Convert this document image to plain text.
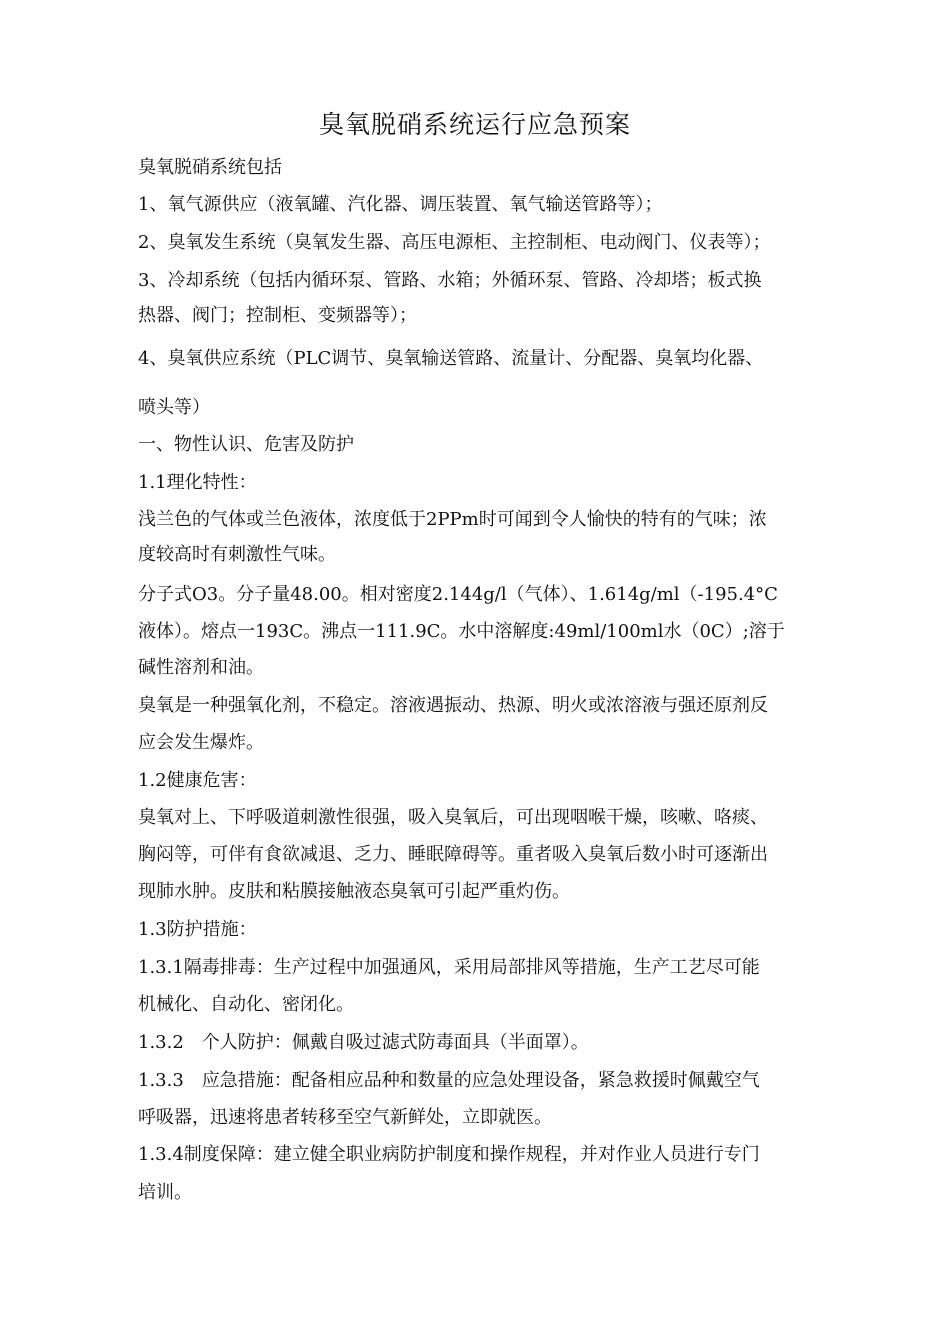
臭氧脱硝系统运行应急预案
臭氧脱硝系统包括
1、氧气源供应（液氧罐、汽化器、调压装置、氧气输送管路等）；
2、臭氧发生系统（臭氧发生器、高压电源柜、主控制柜、电动阀门、仪表等）；
3、冷却系统（包括内循环泵、管路、水箱；外循环泵、管路、冷却塔；板式换
热器、阀门；控制柜、变频器等）；
4、臭氧供应系统（PLC调节、臭氧输送管路、流量计、分配器、臭氧均化器、
喷头等）
一、物性认识、危害及防护
1.1理化特性：
浅兰色的气体或兰色液体，浓度低于2PPm时可闻到令人愉快的特有的气味；浓
度较高时有刺激性气味。
分子式O3。分子量48.00。相对密度2.144g/l（气体）、1.614g/ml（-195.4°C
液体）。熔点一193C。沸点一111.9C。水中溶解度:49ml/100ml水（0C）;溶于
碱性溶剂和油。
臭氧是一种强氧化剂，不稳定。溶液遇振动、热源、明火或浓溶液与强还原剂反
应会发生爆炸。
1.2健康危害：
臭氧对上、下呼吸道刺激性很强，吸入臭氧后，可出现咽喉干燥，咳嗽、咯痰、
胸闷等，可伴有食欲减退、乏力、睡眠障碍等。重者吸入臭氧后数小时可逐渐出
现肺水肿。皮肤和粘膜接触液态臭氧可引起严重灼伤。
1.3防护措施：
1.3.1隔毒排毒：生产过程中加强通风，采用局部排风等措施，生产工艺尽可能
机械化、自动化、密闭化。
1.3.2　个人防护：佩戴自吸过滤式防毒面具（半面罩）。
1.3.3　应急措施：配备相应品种和数量的应急处理设备，紧急救援时佩戴空气
呼吸器，迅速将患者转移至空气新鲜处，立即就医。
1.3.4制度保障：建立健全职业病防护制度和操作规程，并对作业人员进行专门
培训。
